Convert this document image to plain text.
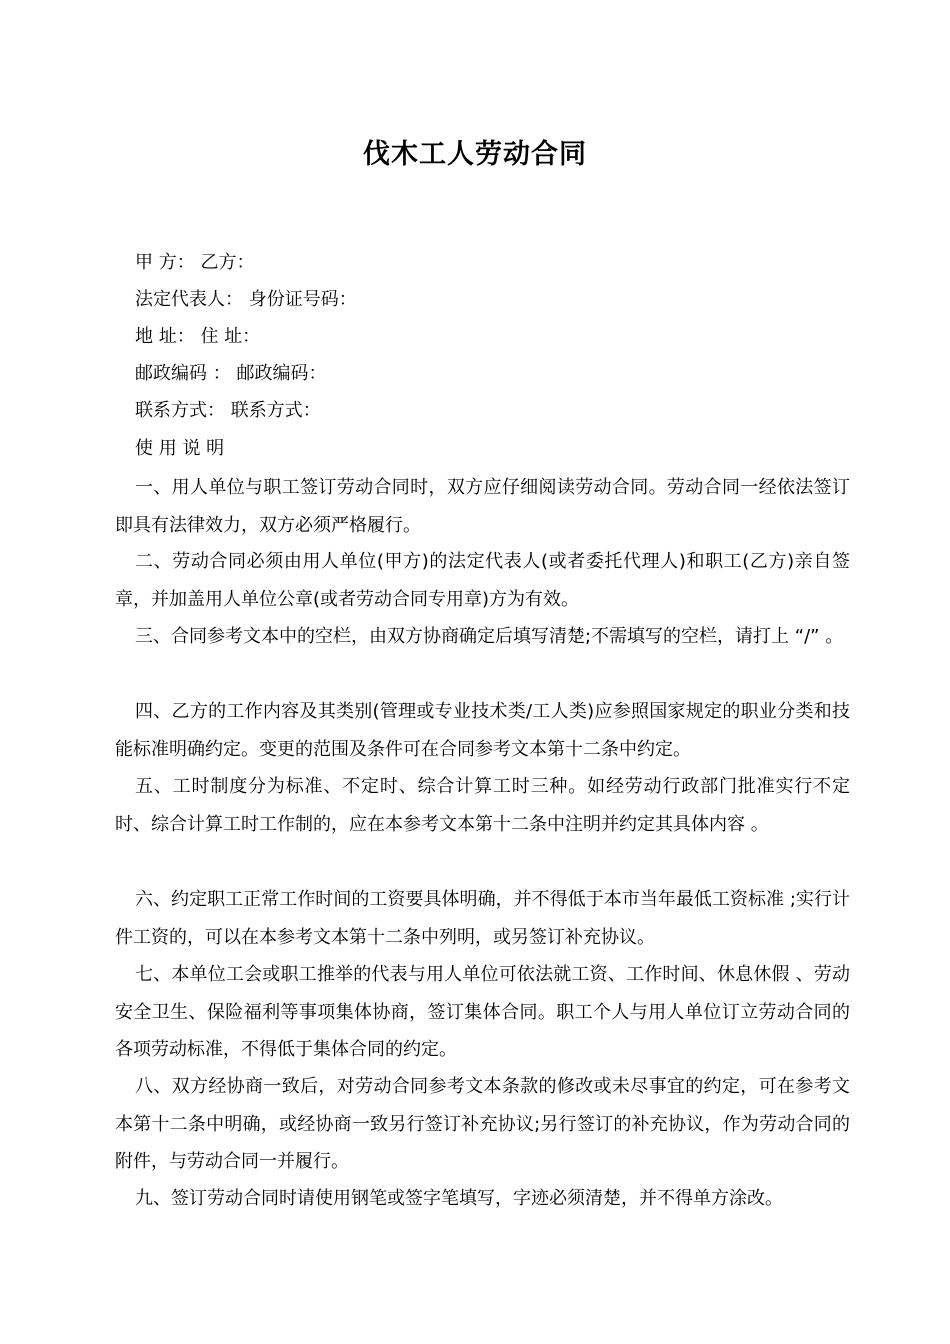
伐木工人劳动合同
甲 方： 乙方：
法定代表人： 身份证号码：
地 址： 住 址：
邮政编码 ： 邮政编码：
联系方式： 联系方式：
使 用 说 明
一、用人单位与职工签订劳动合同时，双方应仔细阅读劳动合同。劳动合同一经依法签订即具有法律效力，双方必须严格履行。
二、劳动合同必须由用人单位(甲方)的法定代表人(或者委托代理人)和职工(乙方)亲自签章，并加盖用人单位公章(或者劳动合同专用章)方为有效。
三、合同参考文本中的空栏，由双方协商确定后填写清楚;不需填写的空栏，请打上 “/” 。
四、乙方的工作内容及其类别(管理或专业技术类/工人类)应参照国家规定的职业分类和技能标准明确约定。变更的范围及条件可在合同参考文本第十二条中约定。
五、工时制度分为标准、不定时、综合计算工时三种。如经劳动行政部门批准实行不定时、综合计算工时工作制的，应在本参考文本第十二条中注明并约定其具体内容 。
六、约定职工正常工作时间的工资要具体明确，并不得低于本市当年最低工资标准 ;实行计件工资的，可以在本参考文本第十二条中列明，或另签订补充协议。
七、本单位工会或职工推举的代表与用人单位可依法就工资、工作时间、休息休假 、劳动安全卫生、保险福利等事项集体协商，签订集体合同。职工个人与用人单位订立劳动合同的各项劳动标准，不得低于集体合同的约定。
八、双方经协商一致后，对劳动合同参考文本条款的修改或未尽事宜的约定，可在参考文本第十二条中明确，或经协商一致另行签订补充协议;另行签订的补充协议，作为劳动合同的附件，与劳动合同一并履行。
九、签订劳动合同时请使用钢笔或签字笔填写，字迹必须清楚，并不得单方涂改。
